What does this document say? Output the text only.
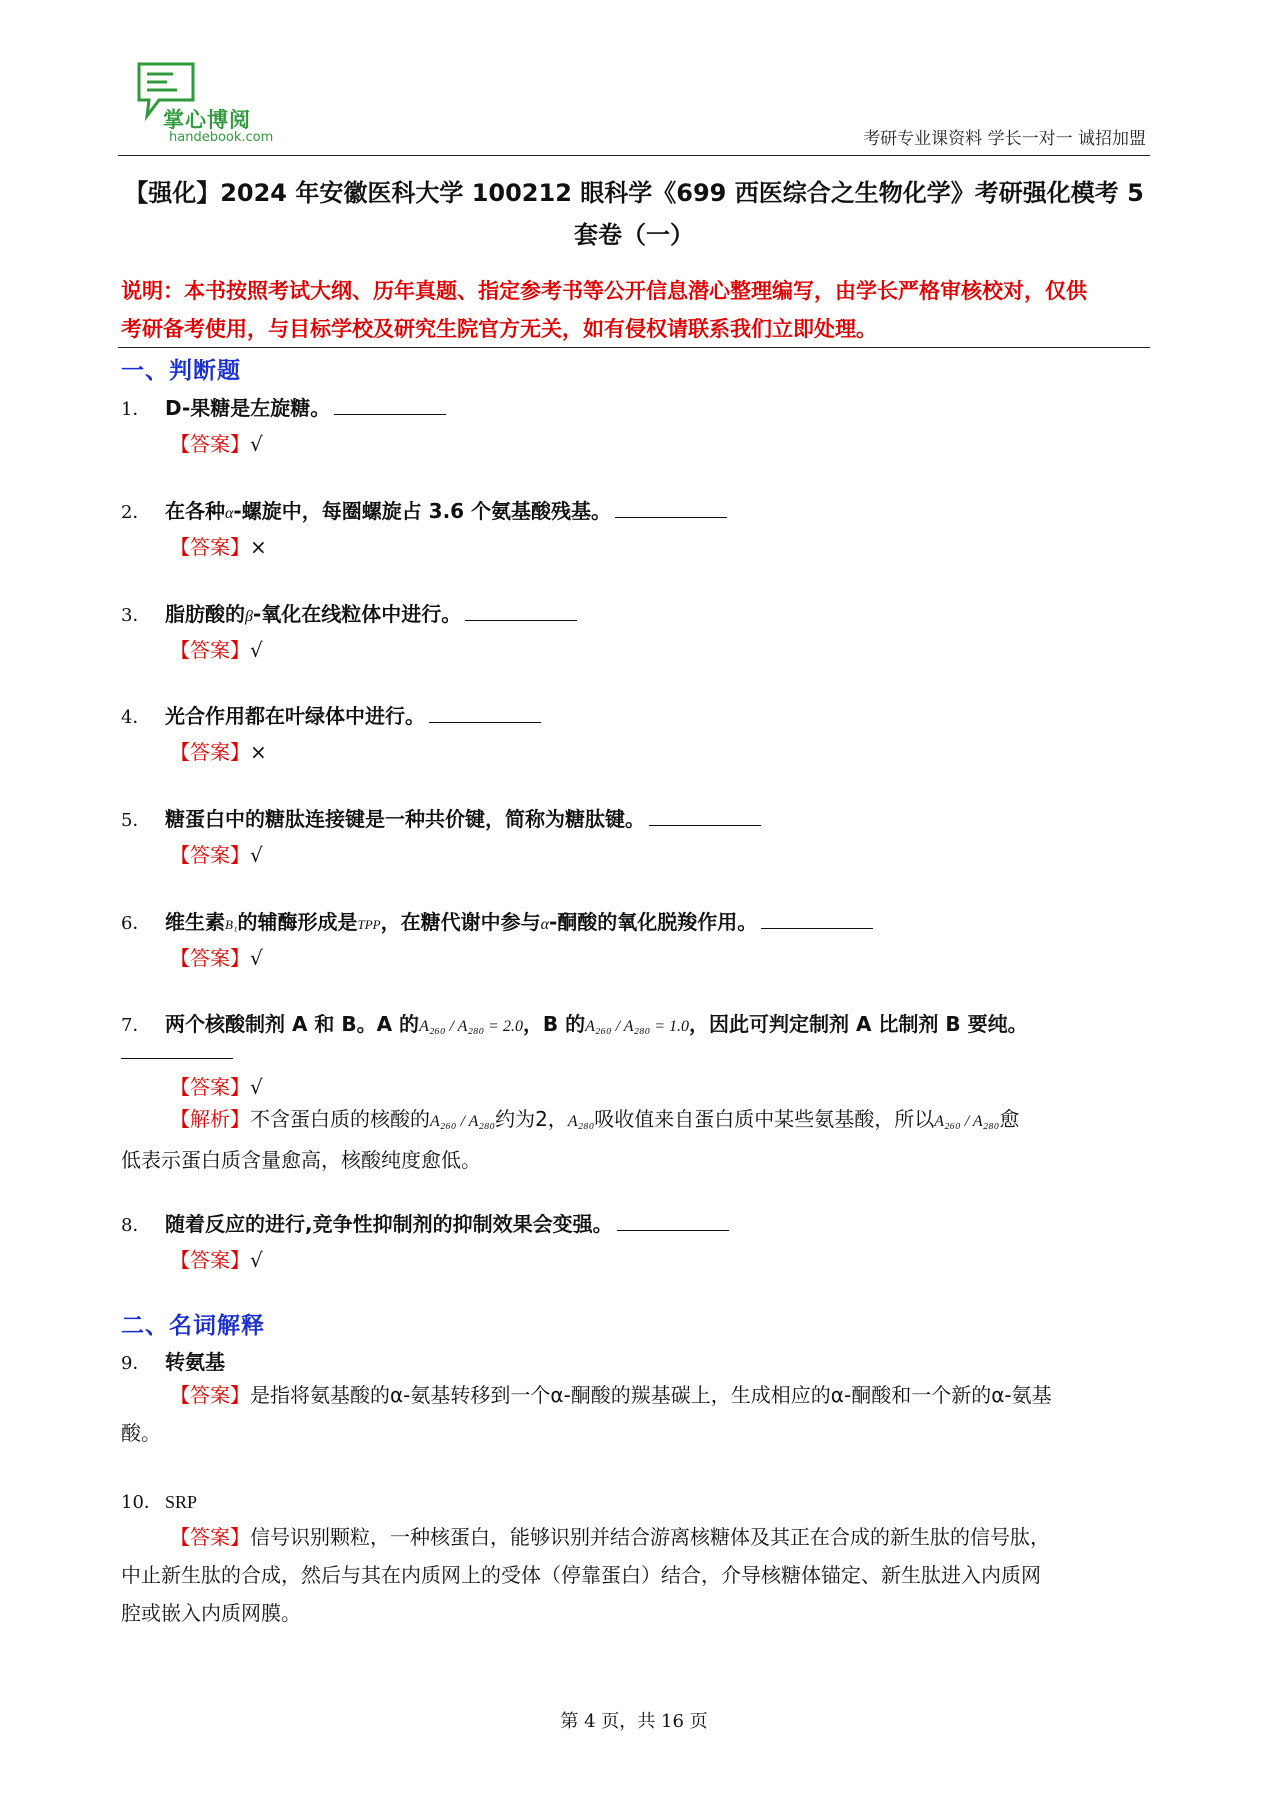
掌心博阅
handebook.com	考研专业课资料 学长一对一 诚招加盟
【强化】2024 年安徽医科大学 100212 眼科学《699 西医综合之生物化学》考研强化模考 5
套卷（一）
说明：本书按照考试大纲、历年真题、指定参考书等公开信息潜心整理编写，由学长严格审核校对，仅供
考研备考使用，与目标学校及研究生院官方无关，如有侵权请联系我们立即处理。
一、判断题
1． D-果糖是左旋糖。
【答案】√
2． 在各种α-螺旋中，每圈螺旋占 3.6 个氨基酸残基。
【答案】×
3． 脂肪酸的β-氧化在线粒体中进行。
【答案】√
4． 光合作用都在叶绿体中进行。
【答案】×
5． 糖蛋白中的糖肽连接键是一种共价键，简称为糖肽键。
【答案】√
6． 维生素B₁的辅酶形成是TPP，在糖代谢中参与α-酮酸的氧化脱羧作用。
【答案】√
7． 两个核酸制剂 A 和 B。A 的A₂₆₀ / A₂₈₀ = 2.0，B 的A₂₆₀ / A₂₈₀ = 1.0，因此可判定制剂 A 比制剂 B 要纯。
【答案】√
【解析】不含蛋白质的核酸的A₂₆₀ / A₂₈₀约为2，A₂₈₀吸收值来自蛋白质中某些氨基酸，所以A₂₆₀ / A₂₈₀愈
低表示蛋白质含量愈高，核酸纯度愈低。
8． 随着反应的进行,竞争性抑制剂的抑制效果会变强。
【答案】√
二、名词解释
9． 转氨基
【答案】是指将氨基酸的α-氨基转移到一个α-酮酸的羰基碳上，生成相应的α-酮酸和一个新的α-氨基
酸。
10． SRP
【答案】信号识别颗粒，一种核蛋白，能够识别并结合游离核糖体及其正在合成的新生肽的信号肽，
中止新生肽的合成，然后与其在内质网上的受体（停靠蛋白）结合，介导核糖体锚定、新生肽进入内质网
腔或嵌入内质网膜。
第 4 页，共 16 页
